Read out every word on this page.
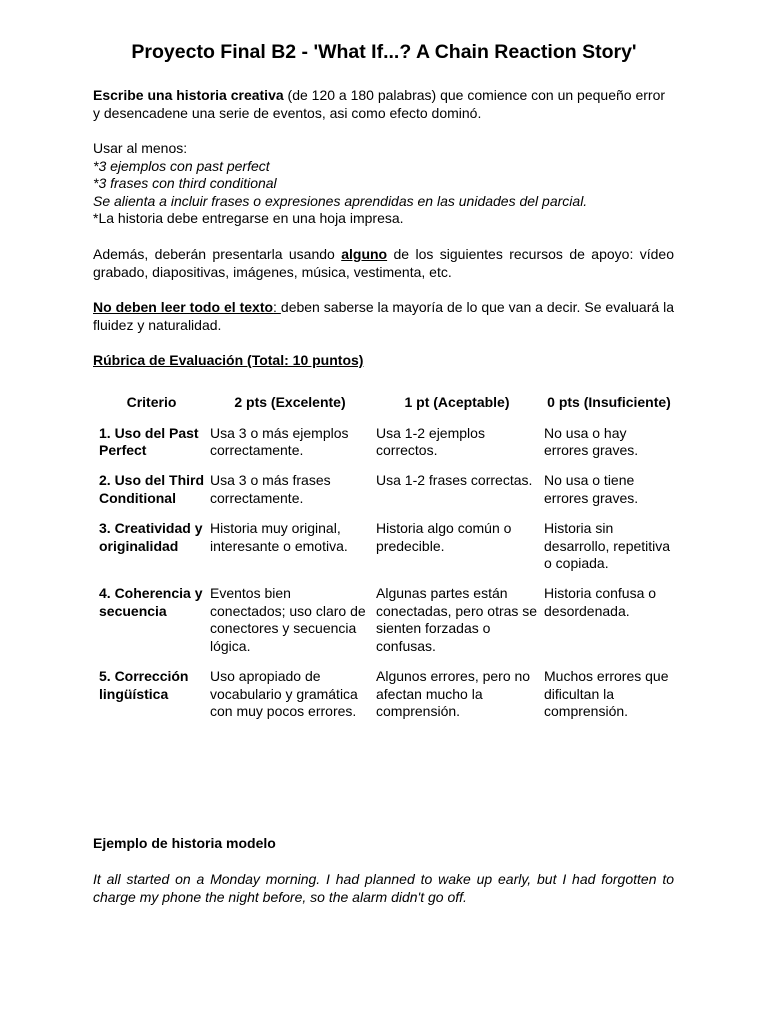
Proyecto Final B2 - 'What If...? A Chain Reaction Story'
Escribe una historia creativa (de 120 a 180 palabras) que comience con un pequeño error
y desencadene una serie de eventos, asi como efecto dominó.
Usar al menos:
*3 ejemplos con past perfect
*3 frases con third conditional
Se alienta a incluir frases o expresiones aprendidas en las unidades del parcial.
*La historia debe entregarse en una hoja impresa.
Además, deberán presentarla usando alguno de los siguientes recursos de apoyo: vídeo grabado, diapositivas, imágenes, música, vestimenta, etc.
No deben leer todo el texto: deben saberse la mayoría de lo que van a decir. Se evaluará la fluidez y naturalidad.
Rúbrica de Evaluación (Total: 10 puntos)
Criterio	2 pts (Excelente)	1 pt (Aceptable)	0 pts (Insuficiente)
1. Uso del Past Perfect	Usa 3 o más ejemplos correctamente.	Usa 1-2 ejemplos correctos.	No usa o hay errores graves.
2. Uso del Third Conditional	Usa 3 o más frases correctamente.	Usa 1-2 frases correctas.	No usa o tiene errores graves.
3. Creatividad y originalidad	Historia muy original, interesante o emotiva.	Historia algo común o predecible.	Historia sin desarrollo, repetitiva o copiada.
4. Coherencia y secuencia	Eventos bien conectados; uso claro de conectores y secuencia lógica.	Algunas partes están conectadas, pero otras se sienten forzadas o confusas.	Historia confusa o desordenada.
5. Corrección lingüística	Uso apropiado de vocabulario y gramática con muy pocos errores.	Algunos errores, pero no afectan mucho la comprensión.	Muchos errores que dificultan la comprensión.
Ejemplo de historia modelo
It all started on a Monday morning. I had planned to wake up early, but I had forgotten to charge my phone the night before, so the alarm didn't go off.
